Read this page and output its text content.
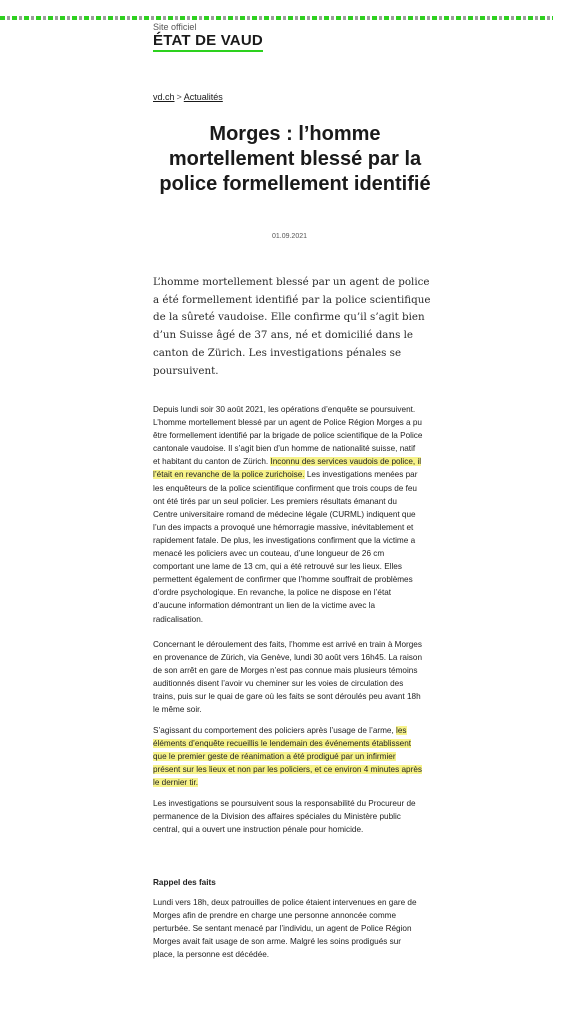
Site officiel
ÉTAT DE VAUD
vd.ch > Actualités
Morges : l’homme mortellement blessé par la police formellement identifié
01.09.2021

L’homme mortellement blessé par un agent de police a été formellement identifié par la police scientifique de la sûreté vaudoise. Elle confirme qu’il s’agit bien d’un Suisse âgé de 37 ans, né et domicilié dans le canton de Zürich. Les investigations pénales se poursuivent.

Depuis lundi soir 30 août 2021, les opérations d’enquête se poursuivent. L’homme mortellement blessé par un agent de Police Région Morges a pu être formellement identifié par la brigade de police scientifique de la Police cantonale vaudoise. Il s’agit bien d’un homme de nationalité suisse, natif et habitant du canton de Zürich. Inconnu des services vaudois de police, il l’était en revanche de la police zurichoise. Les investigations menées par les enquêteurs de la police scientifique confirment que trois coups de feu ont été tirés par un seul policier. Les premiers résultats émanant du Centre universitaire romand de médecine légale (CURML) indiquent que l’un des impacts a provoqué une hémorragie massive, inévitablement et rapidement fatale. De plus, les investigations confirment que la victime a menacé les policiers avec un couteau, d’une longueur de 26 cm comportant une lame de 13 cm, qui a été retrouvé sur les lieux. Elles permettent également de confirmer que l’homme souffrait de problèmes d’ordre psychologique. En revanche, la police ne dispose en l’état d’aucune information démontrant un lien de la victime avec la radicalisation.

Concernant le déroulement des faits, l’homme est arrivé en train à Morges en provenance de Zürich, via Genève, lundi 30 août vers 16h45. La raison de son arrêt en gare de Morges n’est pas connue mais plusieurs témoins auditionnés disent l’avoir vu cheminer sur les voies de circulation des trains, puis sur le quai de gare où les faits se sont déroulés peu avant 18h le même soir.

S’agissant du comportement des policiers après l’usage de l’arme, les éléments d’enquête recueillis le lendemain des événements établissent que le premier geste de réanimation a été prodigué par un infirmier présent sur les lieux et non par les policiers, et ce environ 4 minutes après le dernier tir.

Les investigations se poursuivent sous la responsabilité du Procureur de permanence de la Division des affaires spéciales du Ministère public central, qui a ouvert une instruction pénale pour homicide.

Rappel des faits

Lundi vers 18h, deux patrouilles de police étaient intervenues en gare de Morges afin de prendre en charge une personne annoncée comme perturbée. Se sentant menacé par l’individu, un agent de Police Région Morges avait fait usage de son arme. Malgré les soins prodigués sur place, la personne est décédée.
